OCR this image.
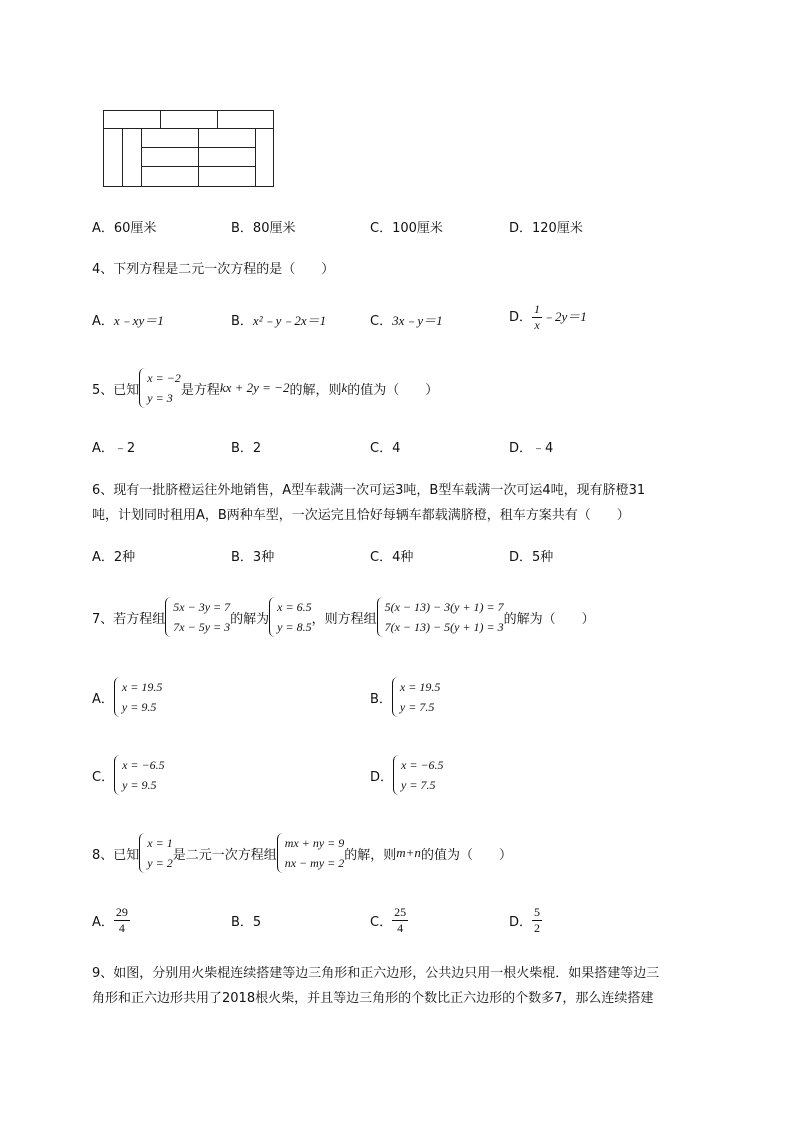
A．60厘米	B．80厘米	C．100厘米	D．120厘米
4、下列方程是二元一次方程的是（　　）
A．x﹣xy＝1	B．x²﹣y﹣2x＝1	C．3x﹣y＝1	D． $\frac{1}{x}$ ﹣2y＝1
5、已知
x = −2
y = 3
是方程 kx + 2y = −2 的解，则 k 的值为（　　）
A．﹣2	B．2	C．4	D．﹣4
6、现有一批脐橙运往外地销售，A型车载满一次可运3吨，B型车载满一次可运4吨，现有脐橙31
吨，计划同时租用A，B两种车型，一次运完且恰好每辆车都载满脐橙，租车方案共有（　　）
A．2种	B．3种	C．4种	D．5种
7、若方程组
5x − 3y = 7
7x − 5y = 3
的解为
x = 6.5
y = 8.5
，则方程组
5(x − 13) − 3(y + 1) = 7
7(x − 13) − 5(y + 1) = 3
的解为（　　）
A．
x = 19.5
y = 9.5
B．
x = 19.5
y = 7.5
C．
x = −6.5
y = 9.5
D．
x = −6.5
y = 7.5
8、已知
x = 1
y = 2
是二元一次方程组
mx + ny = 9
nx − my = 2
的解，则 m+n 的值为（　　）
A． $\frac{29}{4}$	B．5	C． $\frac{25}{4}$	D． $\frac{5}{2}$
9、如图，分别用火柴棍连续搭建等边三角形和正六边形，公共边只用一根火柴棍．如果搭建等边三
角形和正六边形共用了2018根火柴，并且等边三角形的个数比正六边形的个数多7，那么连续搭建
